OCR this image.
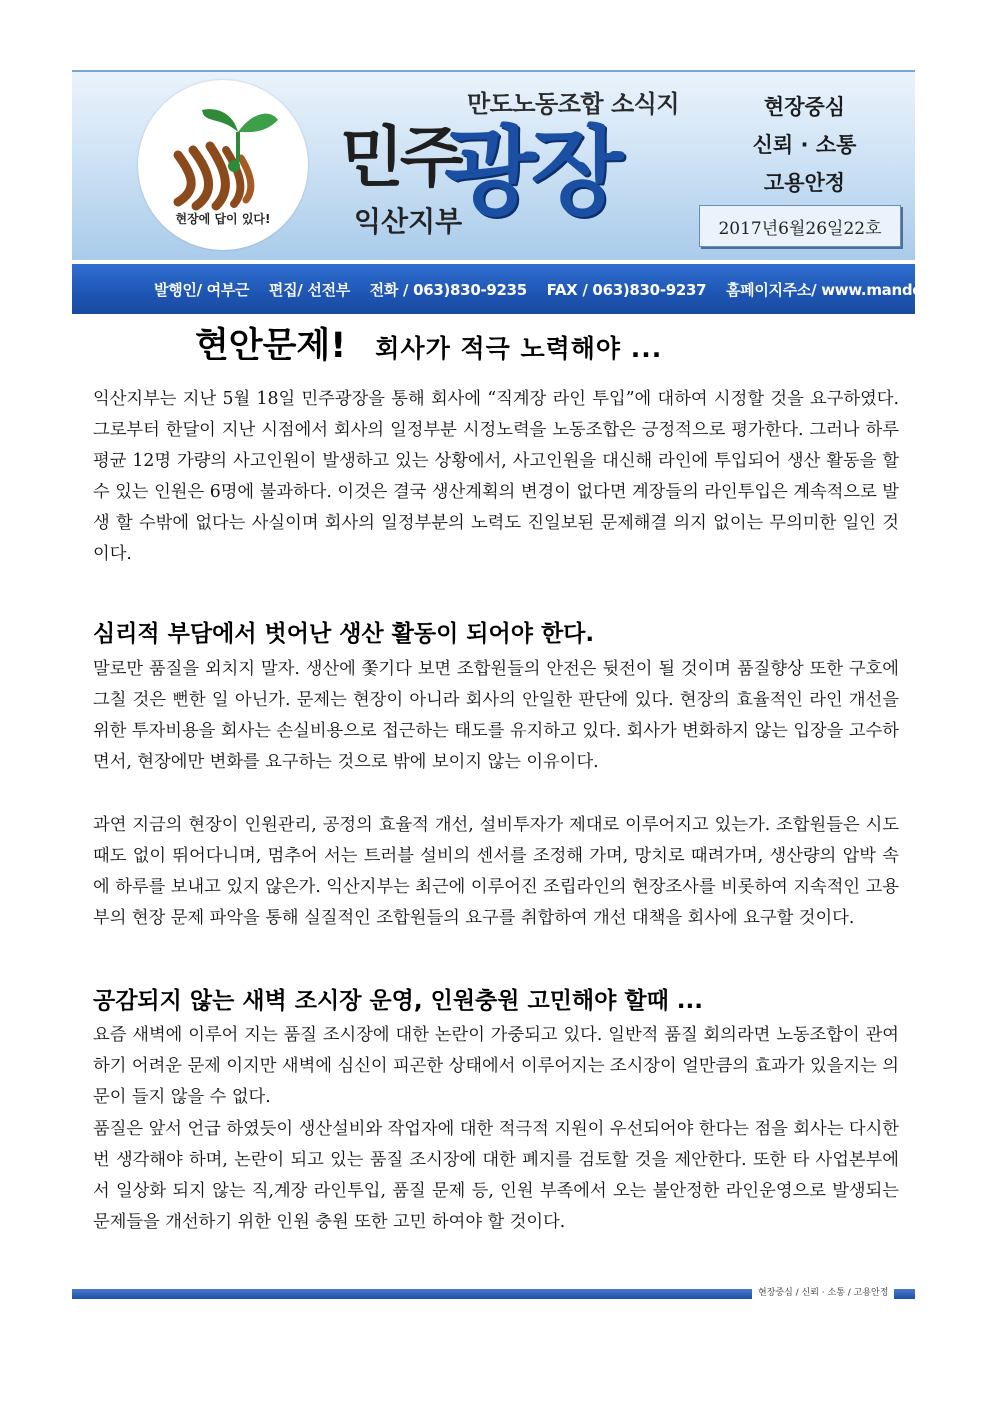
현장에 답이 있다!
만도노동조합 소식지
민주
광장
익산지부
현장중심
신뢰 · 소통
고용안정
2017년6월26일22호
발행인/ 여부근    편집/ 선전부    전화 / 063)830-9235    FAX / 063)830-9237    홈페이지주소/ www.mandond.co.kr
현안문제! 회사가 적극 노력해야 ...

익산지부는 지난 5월 18일 민주광장을 통해 회사에 “직계장 라인 투입”에 대하여 시정할 것을 요구하였다. 그로부터 한달이 지난 시점에서 회사의 일정부분 시정노력을 노동조합은 긍정적으로 평가한다. 그러나 하루 평균 12명 가량의 사고인원이 발생하고 있는 상황에서, 사고인원을 대신해 라인에 투입되어 생산 활동을 할 수 있는 인원은 6명에 불과하다. 이것은 결국 생산계획의 변경이 없다면 계장들의 라인투입은 계속적으로 발생 할 수밖에 없다는 사실이며 회사의 일정부분의 노력도 진일보된 문제해결 의지 없이는 무의미한 일인 것이다.

심리적 부담에서 벗어난 생산 활동이 되어야 한다.

말로만 품질을 외치지 말자. 생산에 쫓기다 보면 조합원들의 안전은 뒷전이 될 것이며 품질향상 또한 구호에 그칠 것은 뻔한 일 아닌가. 문제는 현장이 아니라 회사의 안일한 판단에 있다. 현장의 효율적인 라인 개선을 위한 투자비용을 회사는 손실비용으로 접근하는 태도를 유지하고 있다. 회사가 변화하지 않는 입장을 고수하면서, 현장에만 변화를 요구하는 것으로 밖에 보이지 않는 이유이다.

과연 지금의 현장이 인원관리, 공정의 효율적 개선, 설비투자가 제대로 이루어지고 있는가. 조합원들은 시도 때도 없이 뛰어다니며, 멈추어 서는 트러블 설비의 센서를 조정해 가며, 망치로 때려가며, 생산량의 압박 속에 하루를 보내고 있지 않은가. 익산지부는 최근에 이루어진 조립라인의 현장조사를 비롯하여 지속적인 고용부의 현장 문제 파악을 통해 실질적인 조합원들의 요구를 취합하여 개선 대책을 회사에 요구할 것이다.

공감되지 않는 새벽 조시장 운영, 인원충원 고민해야 할때 ...

요즘 새벽에 이루어 지는 품질 조시장에 대한 논란이 가중되고 있다. 일반적 품질 회의라면 노동조합이 관여하기 어려운 문제 이지만 새벽에 심신이 피곤한 상태에서 이루어지는 조시장이 얼만큼의 효과가 있을지는 의문이 들지 않을 수 없다.

품질은 앞서 언급 하였듯이 생산설비와 작업자에 대한 적극적 지원이 우선되어야 한다는 점을 회사는 다시한번 생각해야 하며, 논란이 되고 있는 품질 조시장에 대한 폐지를 검토할 것을 제안한다. 또한 타 사업본부에서 일상화 되지 않는 직,계장 라인투입, 품질 문제 등, 인원 부족에서 오는 불안정한 라인운영으로 발생되는 문제들을 개선하기 위한 인원 충원 또한 고민 하여야 할 것이다.

현장중심 / 신뢰 · 소통 / 고용안정
